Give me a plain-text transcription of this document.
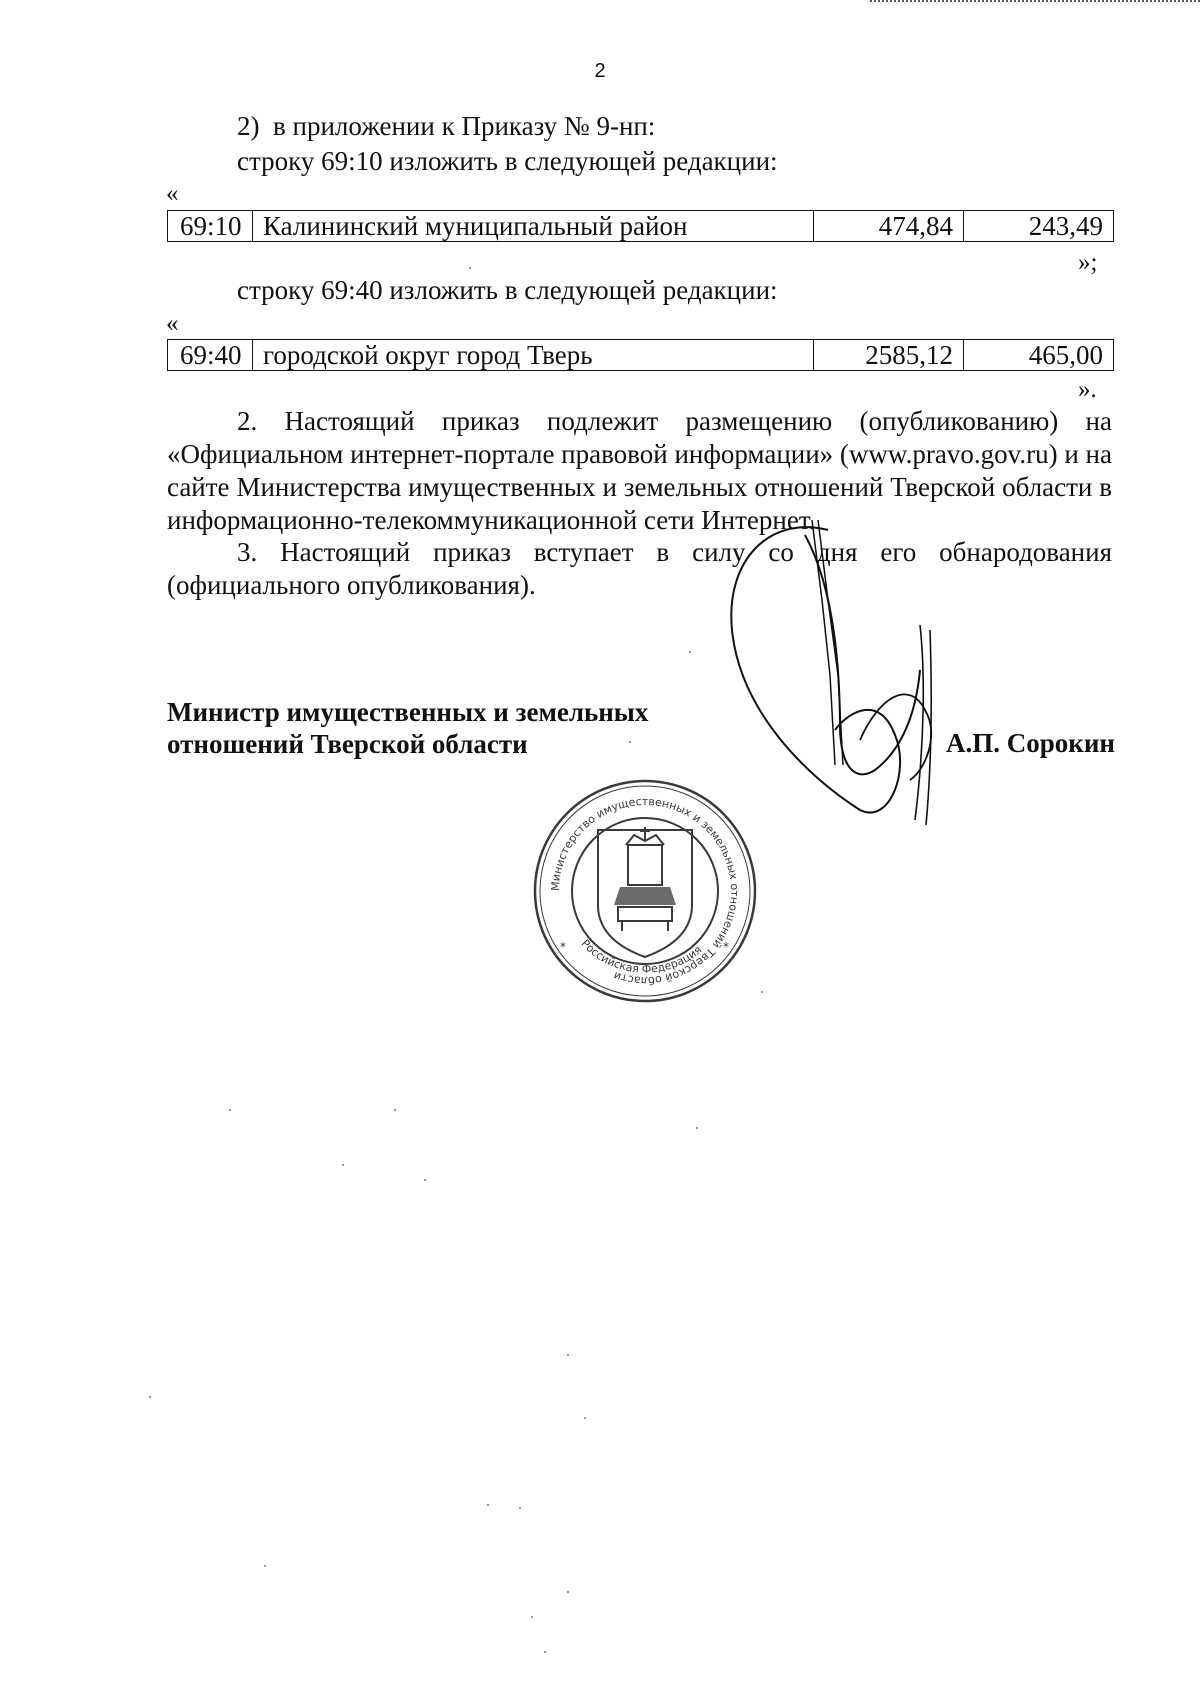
2
2) в приложении к Приказу № 9-нп:
строку 69:10 изложить в следующей редакции:
«
69:10	Калининский муниципальный район	474,84	243,49
»;
строку 69:40 изложить в следующей редакции:
«
69:40	городской округ город Тверь	2585,12	465,00
».
2. Настоящий приказ подлежит размещению (опубликованию) на «Официальном интернет-портале правовой информации» (www.pravo.gov.ru) и на сайте Министерства имущественных и земельных отношений Тверской области в информационно-телекоммуникационной сети Интернет.
3. Настоящий приказ вступает в силу со дня его обнародования (официального опубликования).
Министр имущественных и земельных
отношений Тверской области	А.П. Сорокин
Министерство имущественных и земельных отношений Тверской области
*	*
Российская Федерация
